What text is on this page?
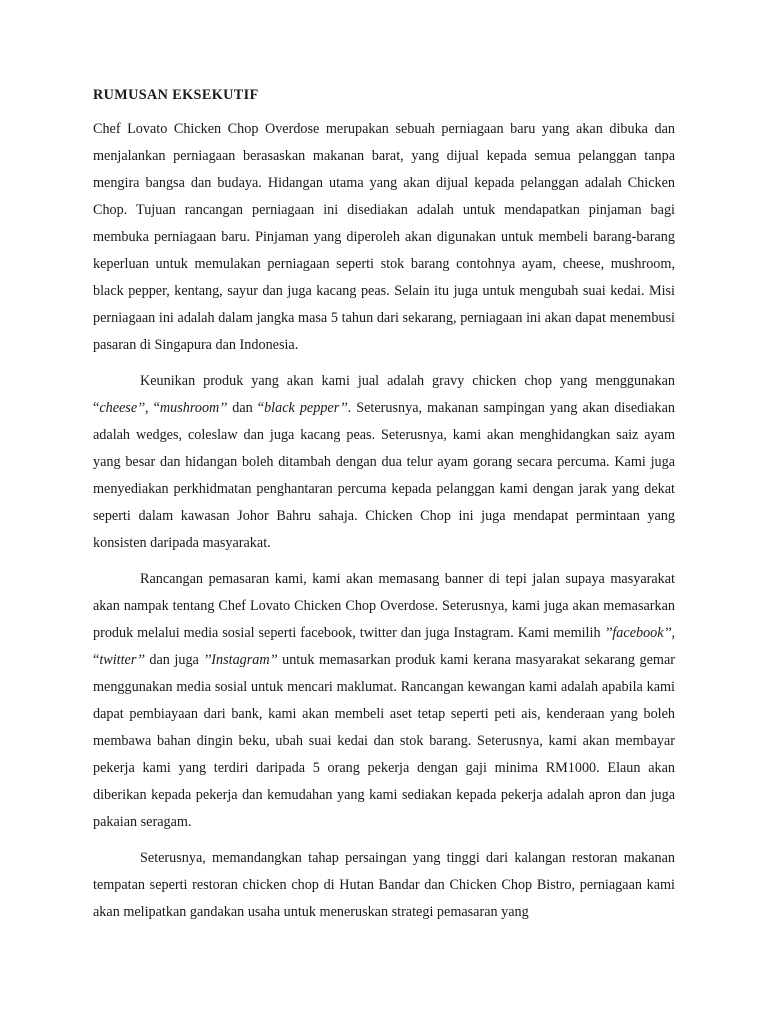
RUMUSAN EKSEKUTIF

Chef Lovato Chicken Chop Overdose merupakan sebuah perniagaan baru yang akan dibuka dan menjalankan perniagaan berasaskan makanan barat, yang dijual kepada semua pelanggan tanpa mengira bangsa dan budaya. Hidangan utama yang akan dijual kepada pelanggan adalah Chicken Chop. Tujuan rancangan perniagaan ini disediakan adalah untuk mendapatkan pinjaman bagi membuka perniagaan baru. Pinjaman yang diperoleh akan digunakan untuk membeli barang-barang keperluan untuk memulakan perniagaan seperti stok barang contohnya ayam, cheese, mushroom, black pepper, kentang, sayur dan juga kacang peas. Selain itu juga untuk mengubah suai kedai. Misi perniagaan ini adalah dalam jangka masa 5 tahun dari sekarang, perniagaan ini akan dapat menembusi pasaran di Singapura dan Indonesia.

Keunikan produk yang akan kami jual adalah gravy chicken chop yang menggunakan “cheese’’, “mushroom’’ dan “black pepper’’. Seterusnya, makanan sampingan yang akan disediakan adalah wedges, coleslaw dan juga kacang peas. Seterusnya, kami akan menghidangkan saiz ayam yang besar dan hidangan boleh ditambah dengan dua telur ayam gorang secara percuma. Kami juga menyediakan perkhidmatan penghantaran percuma kepada pelanggan kami dengan jarak yang dekat seperti dalam kawasan Johor Bahru sahaja. Chicken Chop ini juga mendapat permintaan yang konsisten daripada masyarakat.

Rancangan pemasaran kami, kami akan memasang banner di tepi jalan supaya masyarakat akan nampak tentang Chef Lovato Chicken Chop Overdose. Seterusnya, kami juga akan memasarkan produk melalui media sosial seperti facebook, twitter dan juga Instagram. Kami memilih ’’facebook’’, “twitter’’ dan juga ’’Instagram’’ untuk memasarkan produk kami kerana masyarakat sekarang gemar menggunakan media sosial untuk mencari maklumat. Rancangan kewangan kami adalah apabila kami dapat pembiayaan dari bank, kami akan membeli aset tetap seperti peti ais, kenderaan yang boleh membawa bahan dingin beku, ubah suai kedai dan stok barang. Seterusnya, kami akan membayar pekerja kami yang terdiri daripada 5 orang pekerja dengan gaji minima RM1000. Elaun akan diberikan kepada pekerja dan kemudahan yang kami sediakan kepada pekerja adalah apron dan juga pakaian seragam.

Seterusnya, memandangkan tahap persaingan yang tinggi dari kalangan restoran makanan tempatan seperti restoran chicken chop di Hutan Bandar dan Chicken Chop Bistro, perniagaan kami akan melipatkan gandakan usaha untuk meneruskan strategi pemasaran yang
